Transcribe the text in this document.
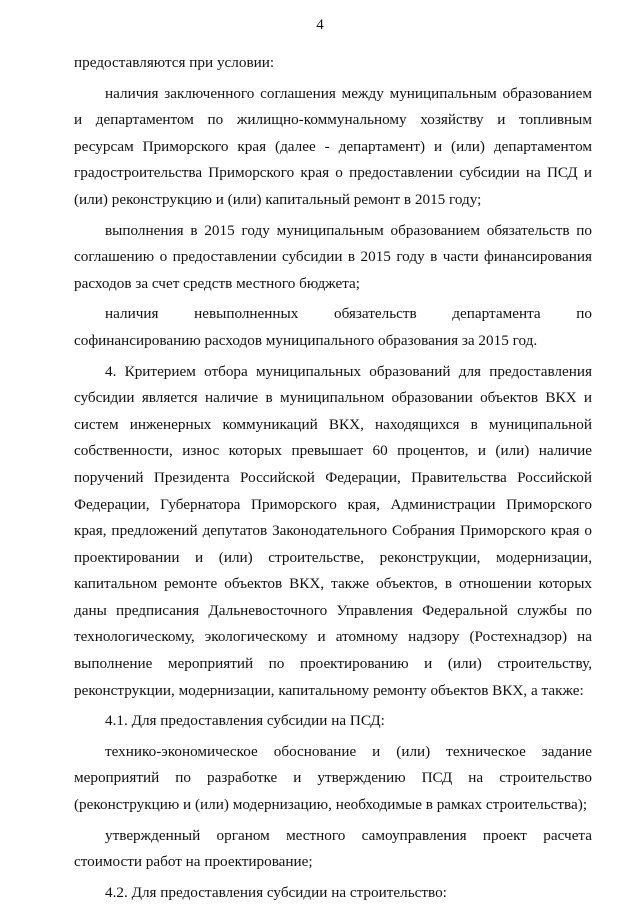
4

предоставляются при условии:

наличия заключенного соглашения между муниципальным образованием и департаментом по жилищно-коммунальному хозяйству и топливным ресурсам Приморского края (далее - департамент) и (или) департаментом градостроительства Приморского края о предоставлении субсидии на ПСД и (или) реконструкцию и (или) капитальный ремонт в 2015 году;

выполнения в 2015 году муниципальным образованием обязательств по соглашению о предоставлении субсидии в 2015 году в части финансирования расходов за счет средств местного бюджета;

наличия невыполненных обязательств департамента по софинансированию расходов муниципального образования за 2015 год.

4. Критерием отбора муниципальных образований для предоставления субсидии является наличие в муниципальном образовании объектов ВКХ и систем инженерных коммуникаций ВКХ, находящихся в муниципальной собственности, износ которых превышает 60 процентов, и (или) наличие поручений Президента Российской Федерации, Правительства Российской Федерации, Губернатора Приморского края, Администрации Приморского края, предложений депутатов Законодательного Собрания Приморского края о проектировании и (или) строительстве, реконструкции, модернизации, капитальном ремонте объектов ВКХ, также объектов, в отношении которых даны предписания Дальневосточного Управления Федеральной службы по технологическому, экологическому и атомному надзору (Ростехнадзор) на выполнение мероприятий по проектированию и (или) строительству, реконструкции, модернизации, капитальному ремонту объектов ВКХ, а также:

4.1. Для предоставления субсидии на ПСД:

технико-экономическое обоснование и (или) техническое задание мероприятий по разработке и утверждению ПСД на строительство (реконструкцию и (или) модернизацию, необходимые в рамках строительства);

утвержденный органом местного самоуправления проект расчета стоимости работ на проектирование;

4.2. Для предоставления субсидии на строительство:
